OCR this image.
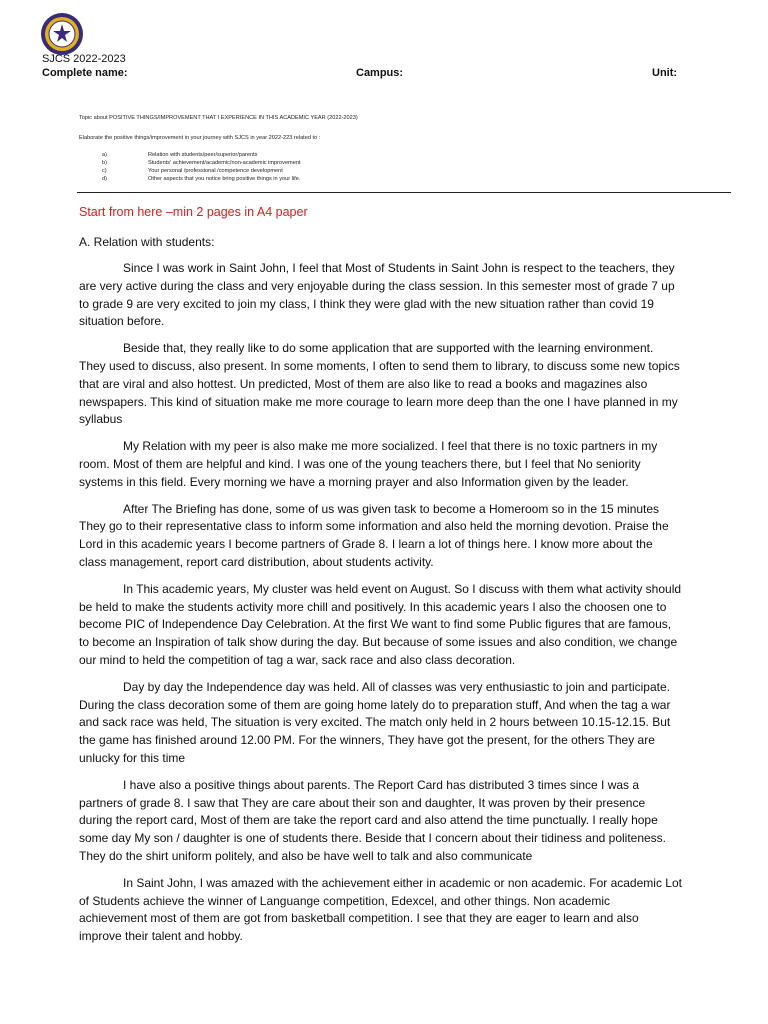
SJCS 2022-2023
Complete name:	Campus:	Unit:
Topic about POSITIVE THINGS/IMPROVEMENT THAT I EXPERIENCE IN THIS ACADEMIC YEAR (2022-2023)
Elaborate the positive things/improvement in your journey with SJCS in year 2022-223 related to :
a)	Relation with students/peer/superior/parents
b)	Students' achievement/academic/non-academic improvement
c)	Your personal /professional /competence development
d)	Other aspects that you notice bring positive things in your life.
Start from here –min 2 pages in A4 paper
A. Relation with students:

Since I was work in Saint John, I feel that Most of Students in Saint John is respect to the teachers, they
are very active during the class and very enjoyable during the class session. In this semester most of grade 7 up
to grade 9 are very excited to join my class, I think they were glad with the new situation rather than covid 19
situation before.

Beside that, they really like to do some application that are supported with the learning environment.
They used to discuss, also present. In some moments, I often to send them to library, to discuss some new topics
that are viral and also hottest. Un predicted, Most of them are also like to read a books and magazines also
newspapers. This kind of situation make me more courage to learn more deep than the one I have planned in my
syllabus

My Relation with my peer is also make me more socialized. I feel that there is no toxic partners in my
room. Most of them are helpful and kind. I was one of the young teachers there, but I feel that No seniority
systems in this field. Every morning we have a morning prayer and also Information given by the leader.

After The Briefing has done, some of us was given task to become a Homeroom so in the 15 minutes
They go to their representative class to inform some information and also held the morning devotion. Praise the
Lord in this academic years I become partners of Grade 8. I learn a lot of things here. I know more about the
class management, report card distribution, about students activity.

In This academic years, My cluster was held event on August. So I discuss with them what activity should
be held to make the students activity more chill and positively. In this academic years I also the choosen one to
become PIC of Independence Day Celebration. At the first We want to find some Public figures that are famous,
to become an Inspiration of talk show during the day. But because of some issues and also condition, we change
our mind to held the competition of tag a war, sack race and also class decoration.

Day by day the Independence day was held. All of classes was very enthusiastic to join and participate.
During the class decoration some of them are going home lately do to preparation stuff, And when the tag a war
and sack race was held, The situation is very excited. The match only held in 2 hours between 10.15-12.15. But
the game has finished around 12.00 PM. For the winners, They have got the present, for the others They are
unlucky for this time

I have also a positive things about parents. The Report Card has distributed 3 times since I was a
partners of grade 8. I saw that They are care about their son and daughter, It was proven by their presence
during the report card, Most of them are take the report card and also attend the time punctually. I really hope
some day My son / daughter is one of students there. Beside that I concern about their tidiness and politeness.
They do the shirt uniform politely, and also be have well to talk and also communicate

In Saint John, I was amazed with the achievement either in academic or non academic. For academic Lot
of Students achieve the winner of Languange competition, Edexcel, and other things. Non academic
achievement most of them are got from basketball competition. I see that they are eager to learn and also
improve their talent and hobby.
